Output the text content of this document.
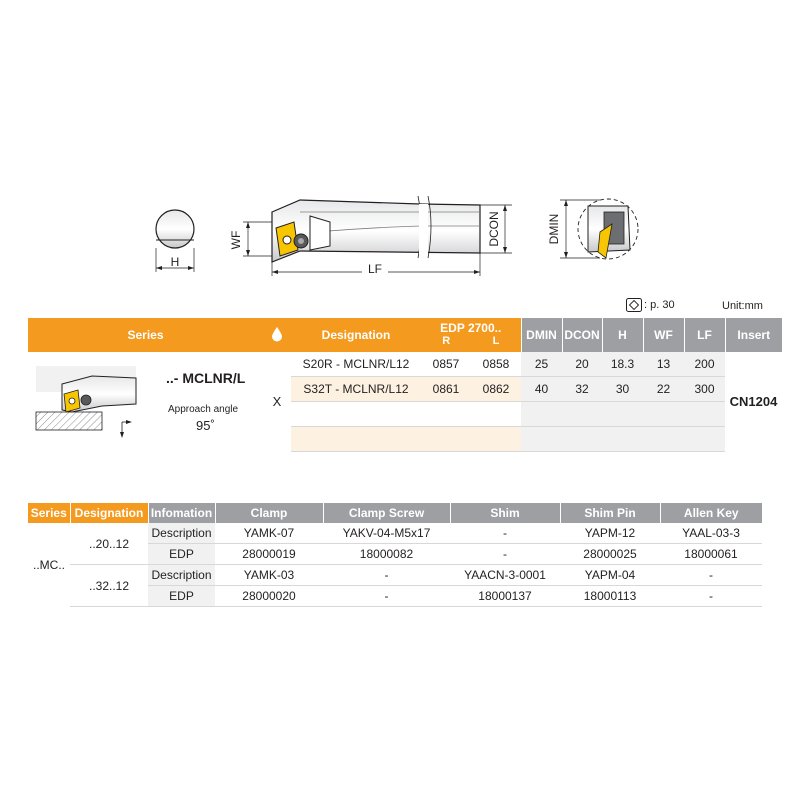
H
WF
LF
DCON	DMIN
: p. 30	Unit:mm
Series		Designation	EDP 2700..
R L		DMIN	DCON	H	WF	LF	Insert

..- MCLNR/L
Approach angle
95˚	X	S20R - MCLNR/L12	0857	0858	25	20	18.3	13	200	CN1204
		S32T - MCLNR/L12	0861	0862	40	32	30	22	300	

Series	Designation	Infomation	Clamp	Clamp Screw	Shim	Shim Pin	Allen Key
..MC..	..20..12	Description	YAMK-07	YAKV-04-M5x17	-	YAPM-12	YAAL-03-3
		EDP	28000019	18000082	-	28000025	18000061
	..32..12	Description	YAMK-03	-	YAACN-3-0001	YAPM-04	-
		EDP	28000020	-	18000137	18000113	-
